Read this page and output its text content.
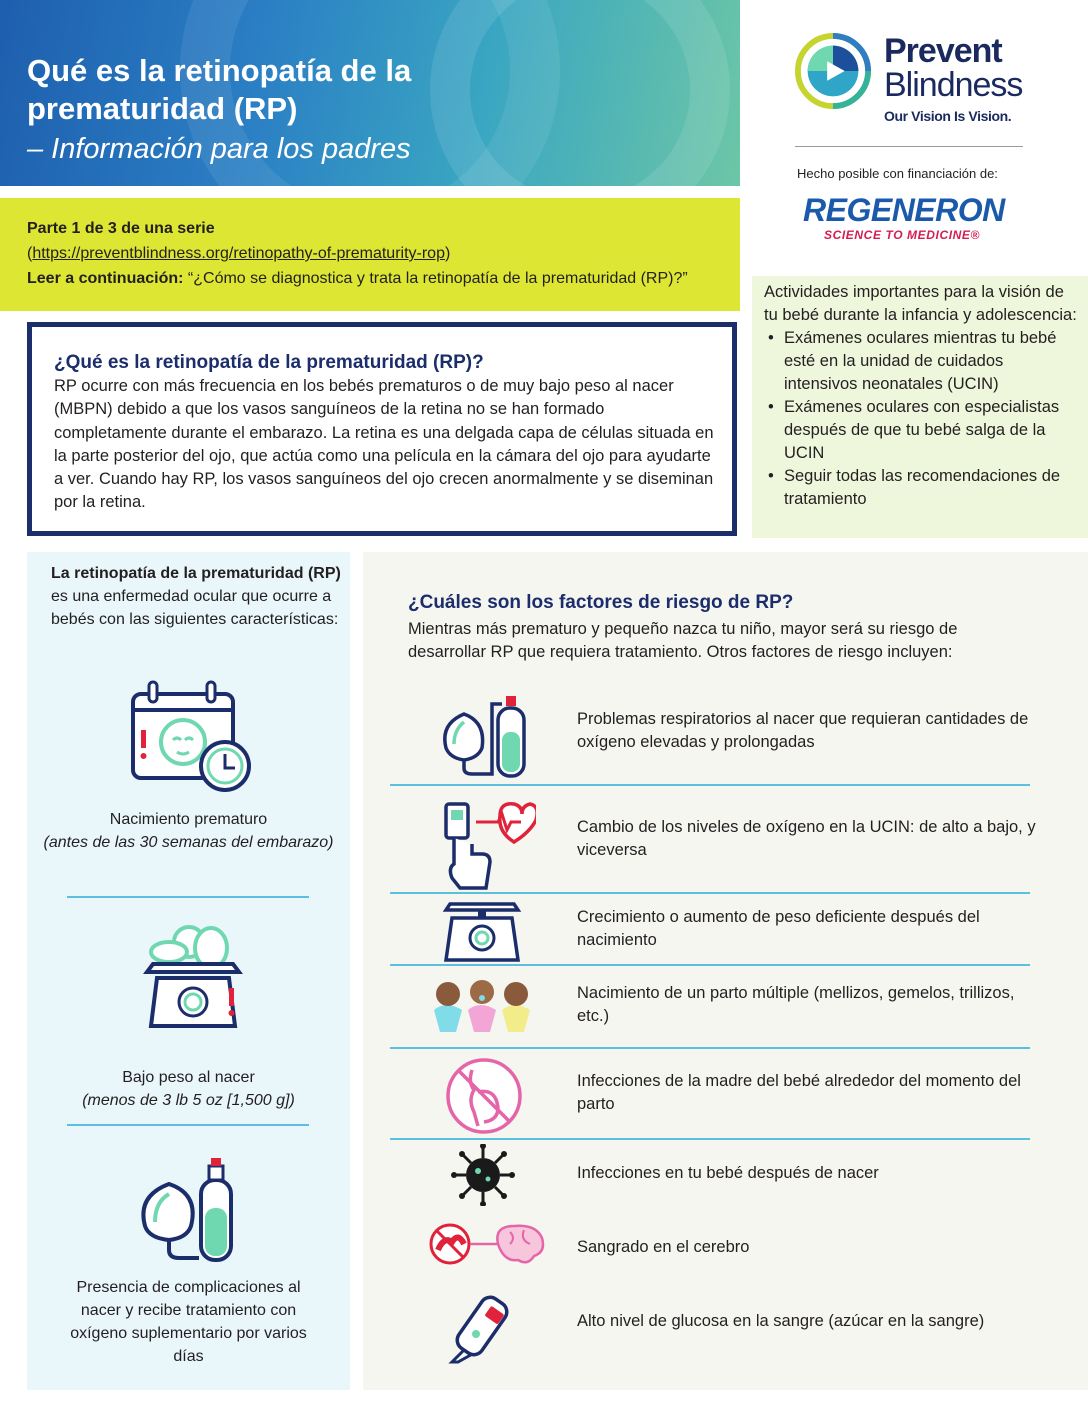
Qué es la retinopatía de la prematuridad (RP)
– Información para los padres
Prevent
Blindness
Our Vision Is Vision.
Hecho posible con financiación de:
REGENERON
SCIENCE TO MEDICINE®
Parte 1 de 3 de una serie
(https://preventblindness.org/retinopathy-of-prematurity-rop)
Leer a continuación: “¿Cómo se diagnostica y trata la retinopatía de la prematuridad (RP)?”
Actividades importantes para la visión de tu bebé durante la infancia y adolescencia:
• Exámenes oculares mientras tu bebé esté en la unidad de cuidados intensivos neonatales (UCIN)
• Exámenes oculares con especialistas después de que tu bebé salga de la UCIN
• Seguir todas las recomendaciones de tratamiento
¿Qué es la retinopatía de la prematuridad (RP)?

RP ocurre con más frecuencia en los bebés prematuros o de muy bajo peso al nacer (MBPN) debido a que los vasos sanguíneos de la retina no se han formado completamente durante el embarazo. La retina es una delgada capa de células situada en la parte posterior del ojo, que actúa como una película en la cámara del ojo para ayudarte a ver. Cuando hay RP, los vasos sanguíneos del ojo crecen anormalmente y se diseminan por la retina.

La retinopatía de la prematuridad (RP) es una enfermedad ocular que ocurre a bebés con las siguientes características:
Nacimiento prematuro
(antes de las 30 semanas del embarazo)
Bajo peso al nacer (menos de 3 lb 5 oz [1,500 g])
Presencia de complicaciones al nacer y recibe tratamiento con oxígeno suplementario por varios días
¿Cuáles son los factores de riesgo de RP?
Mientras más prematuro y pequeño nazca tu niño, mayor será su riesgo de desarrollar RP que requiera tratamiento. Otros factores de riesgo incluyen:
Problemas respiratorios al nacer que requieran cantidades de oxígeno elevadas y prolongadas
Cambio de los niveles de oxígeno en la UCIN: de alto a bajo, y viceversa
Crecimiento o aumento de peso deficiente después del nacimiento
Nacimiento de un parto múltiple (mellizos, gemelos, trillizos, etc.)
Infecciones de la madre del bebé alrededor del momento del parto
Infecciones en tu bebé después de nacer
Sangrado en el cerebro
Alto nivel de glucosa en la sangre (azúcar en la sangre)
